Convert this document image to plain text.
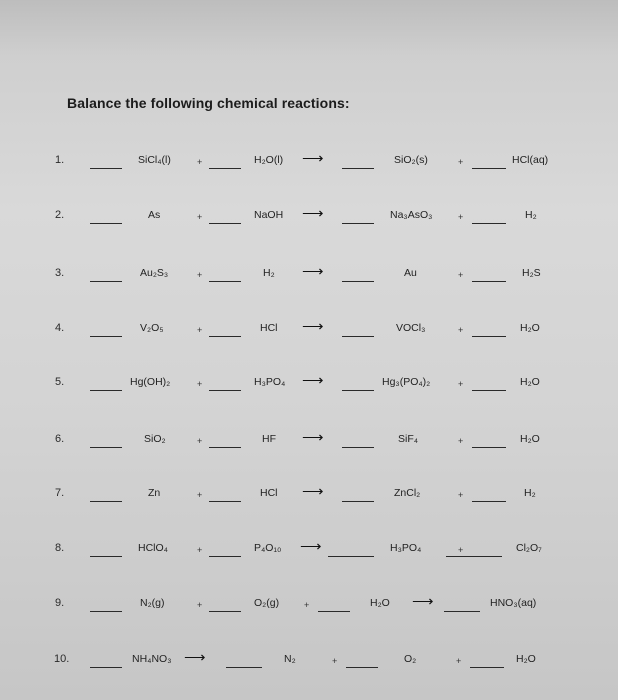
Balance the following chemical reactions:
1.	SiCl₄(l)	+	H₂O(l) ⟶	SiO₂(s)	+	HCl(aq)
2.	As	+	NaOH ⟶	Na₃AsO₃	+	H₂
3.	Au₂S₃	+	H₂ ⟶	Au	+	H₂S
4.	V₂O₅	+	HCl ⟶	VOCl₃	+	H₂O
5.	Hg(OH)₂	+	H₃PO₄ ⟶	Hg₃(PO₄)₂	+	H₂O
6.	SiO₂	+	HF ⟶	SiF₄	+	H₂O
7.	Zn	+	HCl ⟶	ZnCl₂	+	H₂
8.	HClO₄	+	P₄O₁₀ ⟶	H₃PO₄	+	Cl₂O₇
9.	N₂(g)	+	O₂(g)	+	H₂O ⟶	HNO₃(aq)
10.	NH₄NO₃ ⟶	N₂	+	O₂	+	H₂O
